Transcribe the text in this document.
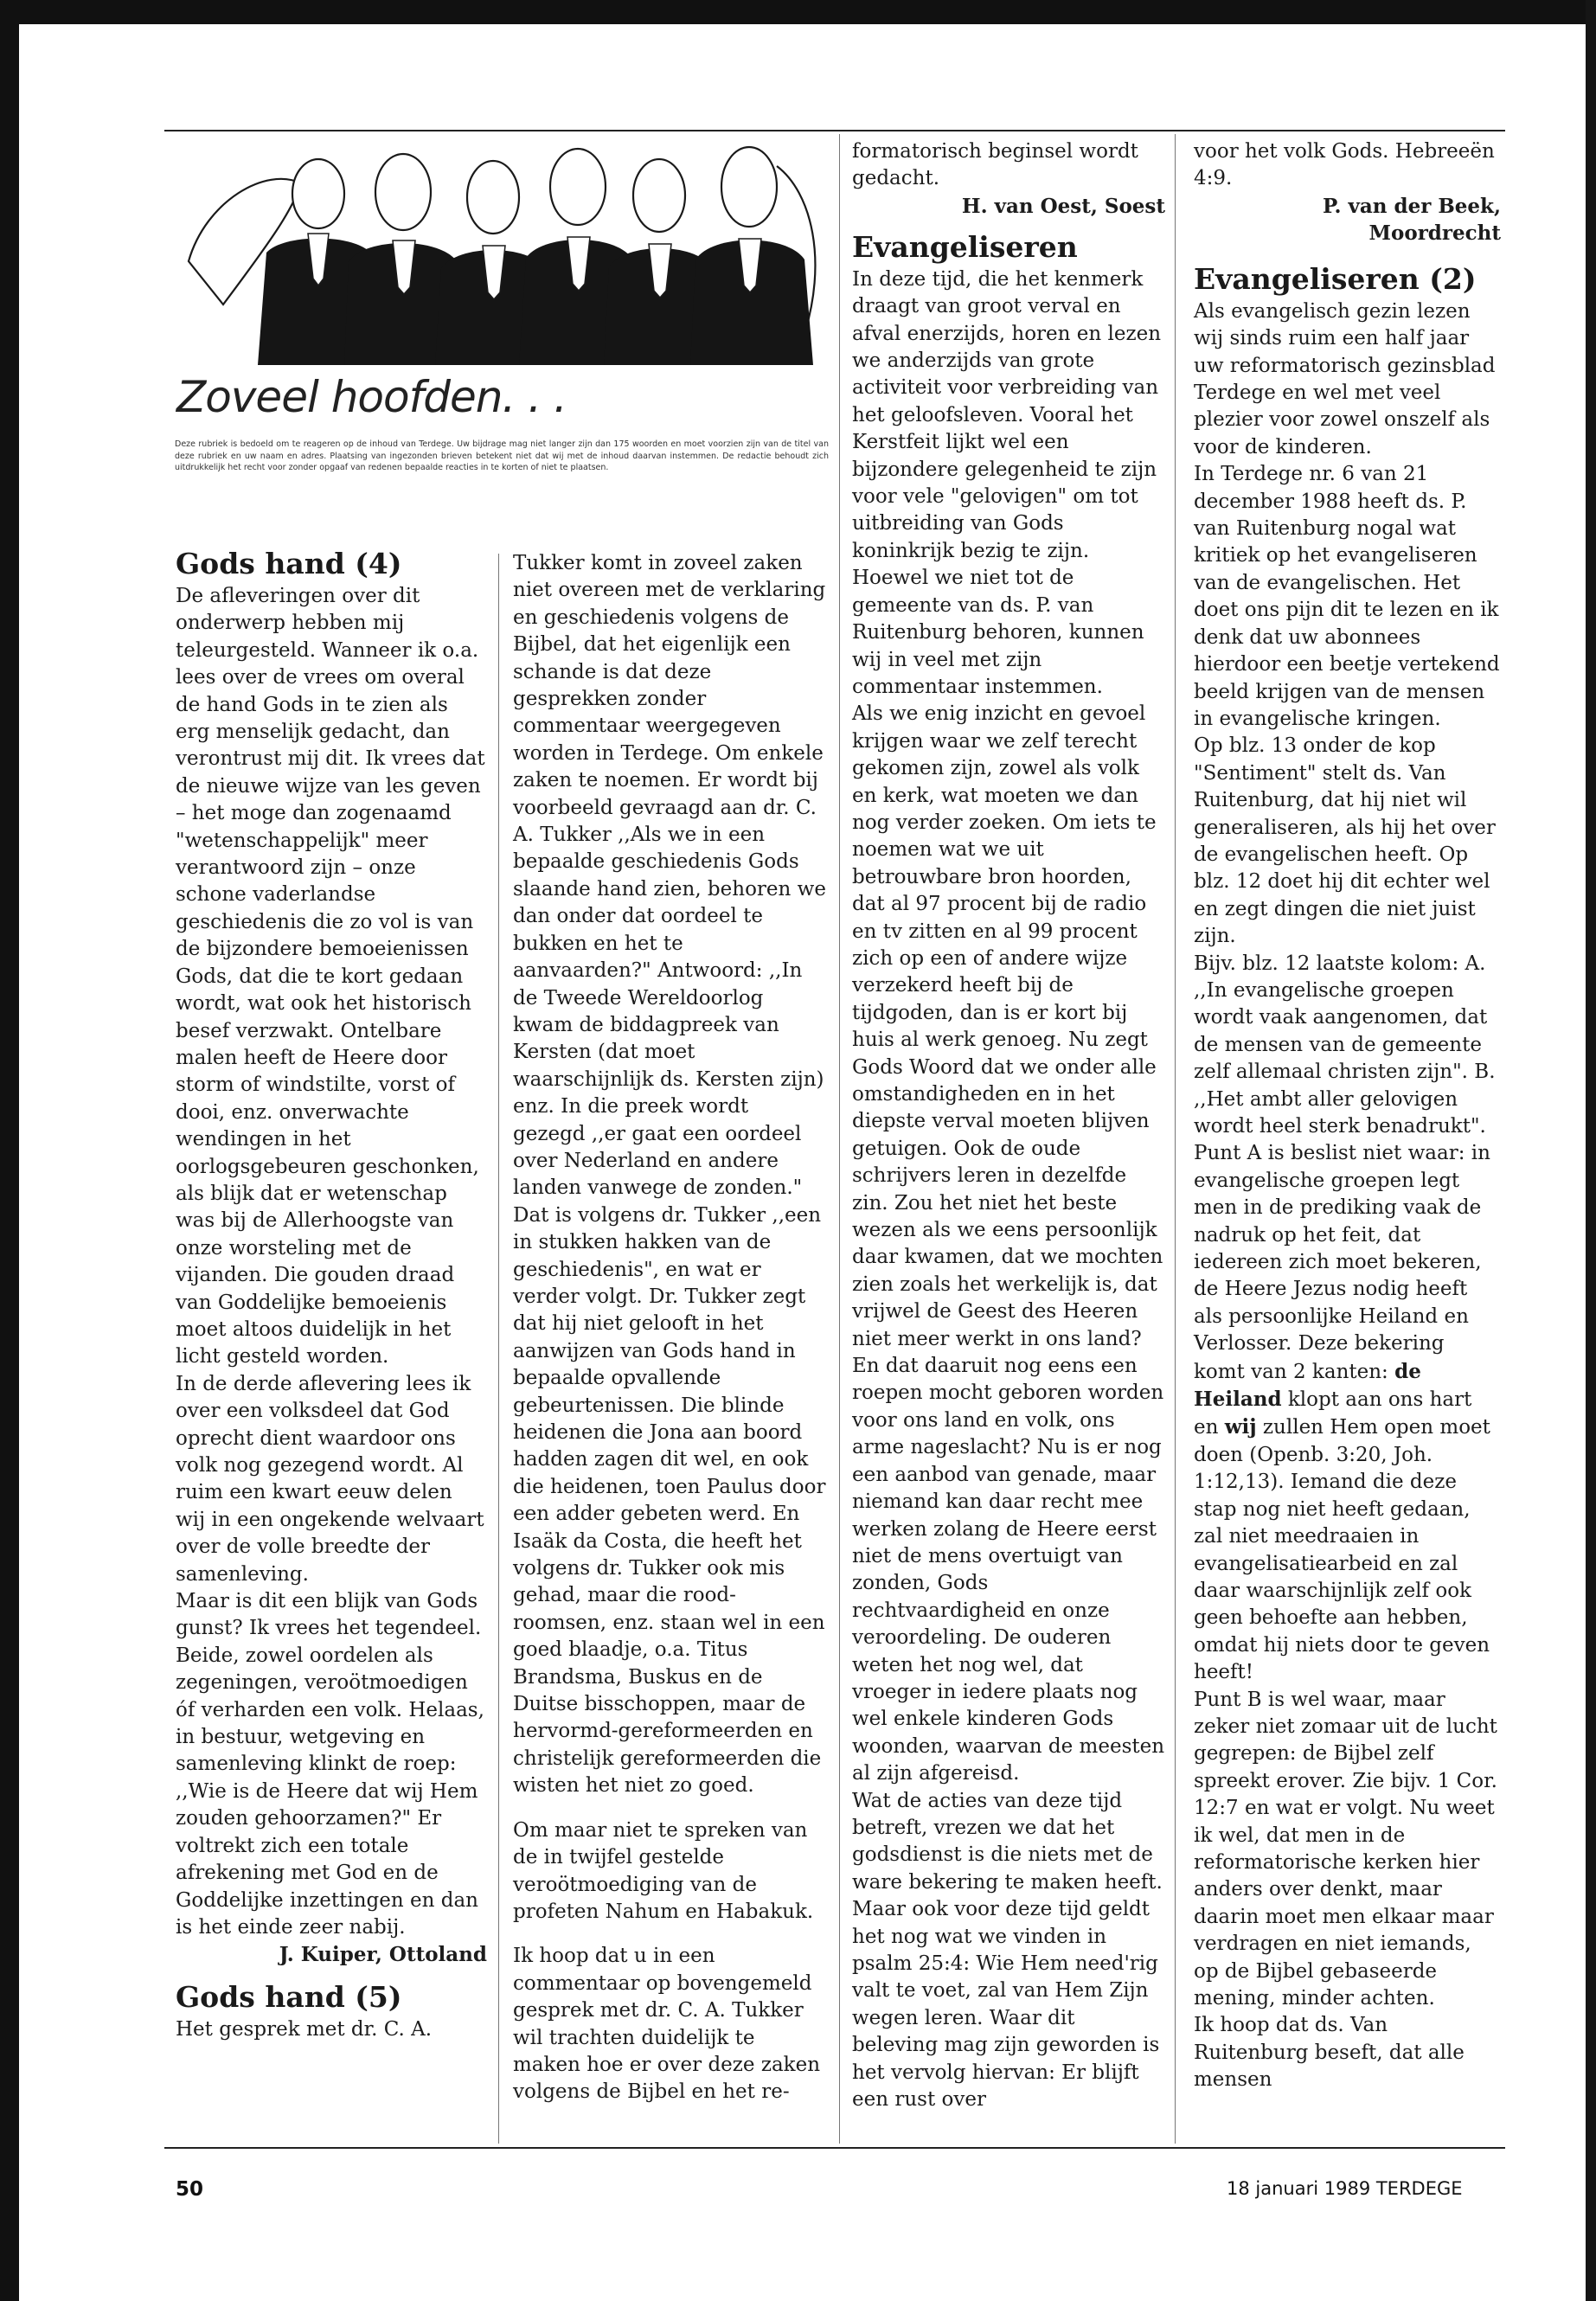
Zoveel hoofden. . .
Deze rubriek is bedoeld om te reageren op de inhoud van Terdege. Uw bijdrage mag niet langer zijn dan 175 woorden en moet voorzien zijn van de titel van deze rubriek en uw naam en adres. Plaatsing van ingezonden brieven betekent niet dat wij met de inhoud daarvan instemmen. De redactie behoudt zich uitdrukkelijk het recht voor zonder opgaaf van redenen bepaalde reacties in te korten of niet te plaatsen.
Gods hand (4)

De afleveringen over dit onderwerp hebben mij teleurgesteld. Wanneer ik o.a. lees over de vrees om overal de hand Gods in te zien als erg menselijk gedacht, dan verontrust mij dit. Ik vrees dat de nieuwe wijze van les geven – het moge dan zogenaamd "wetenschappelijk" meer verantwoord zijn – onze schone vaderlandse geschiedenis die zo vol is van de bijzondere bemoeienissen Gods, dat die te kort gedaan wordt, wat ook het historisch besef verzwakt. Ontelbare malen heeft de Heere door storm of windstilte, vorst of dooi, enz. onverwachte wendingen in het oorlogsgebeuren geschonken, als blijk dat er wetenschap was bij de Allerhoogste van onze worsteling met de vijanden. Die gouden draad van Goddelijke bemoeienis moet altoos duidelijk in het licht gesteld worden.

In de derde aflevering lees ik over een volksdeel dat God oprecht dient waardoor ons volk nog gezegend wordt. Al ruim een kwart eeuw delen wij in een ongekende welvaart over de volle breedte der samenleving.

Maar is dit een blijk van Gods gunst? Ik vrees het tegendeel. Beide, zowel oordelen als zegeningen, veroötmoedigen óf verharden een volk. Helaas, in bestuur, wetgeving en samenleving klinkt de roep: ,,Wie is de Heere dat wij Hem zouden gehoorzamen?" Er voltrekt zich een totale afrekening met God en de Goddelijke inzettingen en dan is het einde zeer nabij.

J. Kuiper, Ottoland
Gods hand (5)

Het gesprek met dr. C. A.

Tukker komt in zoveel zaken niet overeen met de verklaring en geschiedenis volgens de Bijbel, dat het eigenlijk een schande is dat deze gesprekken zonder commentaar weergegeven worden in Terdege. Om enkele zaken te noemen. Er wordt bij voorbeeld gevraagd aan dr. C. A. Tukker ,,Als we in een bepaalde geschiedenis Gods slaande hand zien, behoren we dan onder dat oordeel te bukken en het te aanvaarden?" Antwoord: ,,In de Tweede Wereldoorlog kwam de biddagpreek van Kersten (dat moet waarschijnlijk ds. Kersten zijn) enz. In die preek wordt gezegd ,,er gaat een oordeel over Nederland en andere landen vanwege de zonden." Dat is volgens dr. Tukker ,,een in stukken hakken van de geschiedenis", en wat er verder volgt. Dr. Tukker zegt dat hij niet gelooft in het aanwijzen van Gods hand in bepaalde opvallende gebeurtenissen. Die blinde heidenen die Jona aan boord hadden zagen dit wel, en ook die heidenen, toen Paulus door een adder gebeten werd. En Isaäk da Costa, die heeft het volgens dr. Tukker ook mis gehad, maar die rood-roomsen, enz. staan wel in een goed blaadje, o.a. Titus Brandsma, Buskus en de Duitse bisschoppen, maar de hervormd-gereformeerden en christelijk gereformeerden die wisten het niet zo goed.

Om maar niet te spreken van de in twijfel gestelde veroötmoediging van de profeten Nahum en Habakuk.

Ik hoop dat u in een commentaar op bovengemeld gesprek met dr. C. A. Tukker wil trachten duidelijk te maken hoe er over deze zaken volgens de Bijbel en het re-

formatorisch beginsel wordt gedacht.

H. van Oest, Soest
Evangeliseren

In deze tijd, die het kenmerk draagt van groot verval en afval enerzijds, horen en lezen we anderzijds van grote activiteit voor verbreiding van het geloofsleven. Vooral het Kerstfeit lijkt wel een bijzondere gelegenheid te zijn voor vele "gelovigen" om tot uitbreiding van Gods koninkrijk bezig te zijn. Hoewel we niet tot de gemeente van ds. P. van Ruitenburg behoren, kunnen wij in veel met zijn commentaar instemmen.

Als we enig inzicht en gevoel krijgen waar we zelf terecht gekomen zijn, zowel als volk en kerk, wat moeten we dan nog verder zoeken. Om iets te noemen wat we uit betrouwbare bron hoorden, dat al 97 procent bij de radio en tv zitten en al 99 procent zich op een of andere wijze verzekerd heeft bij de tijdgoden, dan is er kort bij huis al werk genoeg. Nu zegt Gods Woord dat we onder alle omstandigheden en in het diepste verval moeten blijven getuigen. Ook de oude schrijvers leren in dezelfde zin. Zou het niet het beste wezen als we eens persoonlijk daar kwamen, dat we mochten zien zoals het werkelijk is, dat vrijwel de Geest des Heeren niet meer werkt in ons land? En dat daaruit nog eens een roepen mocht geboren worden voor ons land en volk, ons arme nageslacht? Nu is er nog een aanbod van genade, maar niemand kan daar recht mee werken zolang de Heere eerst niet de mens overtuigt van zonden, Gods rechtvaardigheid en onze veroordeling. De ouderen weten het nog wel, dat vroeger in iedere plaats nog wel enkele kinderen Gods woonden, waarvan de meesten al zijn afgereisd.

Wat de acties van deze tijd betreft, vrezen we dat het godsdienst is die niets met de ware bekering te maken heeft. Maar ook voor deze tijd geldt het nog wat we vinden in psalm 25:4: Wie Hem need'rig valt te voet, zal van Hem Zijn wegen leren. Waar dit beleving mag zijn geworden is het vervolg hiervan: Er blijft een rust over

voor het volk Gods. Hebreeën 4:9.

P. van der Beek,
Moordrecht
Evangeliseren (2)

Als evangelisch gezin lezen wij sinds ruim een half jaar uw reformatorisch gezinsblad Terdege en wel met veel plezier voor zowel onszelf als voor de kinderen.

In Terdege nr. 6 van 21 december 1988 heeft ds. P. van Ruitenburg nogal wat kritiek op het evangeliseren van de evangelischen. Het doet ons pijn dit te lezen en ik denk dat uw abonnees hierdoor een beetje vertekend beeld krijgen van de mensen in evangelische kringen.

Op blz. 13 onder de kop "Sentiment" stelt ds. Van Ruitenburg, dat hij niet wil generaliseren, als hij het over de evangelischen heeft. Op blz. 12 doet hij dit echter wel en zegt dingen die niet juist zijn.

Bijv. blz. 12 laatste kolom: A. ,,In evangelische groepen wordt vaak aangenomen, dat de mensen van de gemeente zelf allemaal christen zijn". B. ,,Het ambt aller gelovigen wordt heel sterk benadrukt". Punt A is beslist niet waar: in evangelische groepen legt men in de prediking vaak de nadruk op het feit, dat iedereen zich moet bekeren, de Heere Jezus nodig heeft als persoonlijke Heiland en Verlosser. Deze bekering komt van 2 kanten: de Heiland klopt aan ons hart en wij zullen Hem open moet doen (Openb. 3:20, Joh. 1:12,13). Iemand die deze stap nog niet heeft gedaan, zal niet meedraaien in evangelisatiearbeid en zal daar waarschijnlijk zelf ook geen behoefte aan hebben, omdat hij niets door te geven heeft!

Punt B is wel waar, maar zeker niet zomaar uit de lucht gegrepen: de Bijbel zelf spreekt erover. Zie bijv. 1 Cor. 12:7 en wat er volgt. Nu weet ik wel, dat men in de reformatorische kerken hier anders over denkt, maar daarin moet men elkaar maar verdragen en niet iemands, op de Bijbel gebaseerde mening, minder achten.

Ik hoop dat ds. Van Ruitenburg beseft, dat alle mensen

50	18 januari 1989 TERDEGE
